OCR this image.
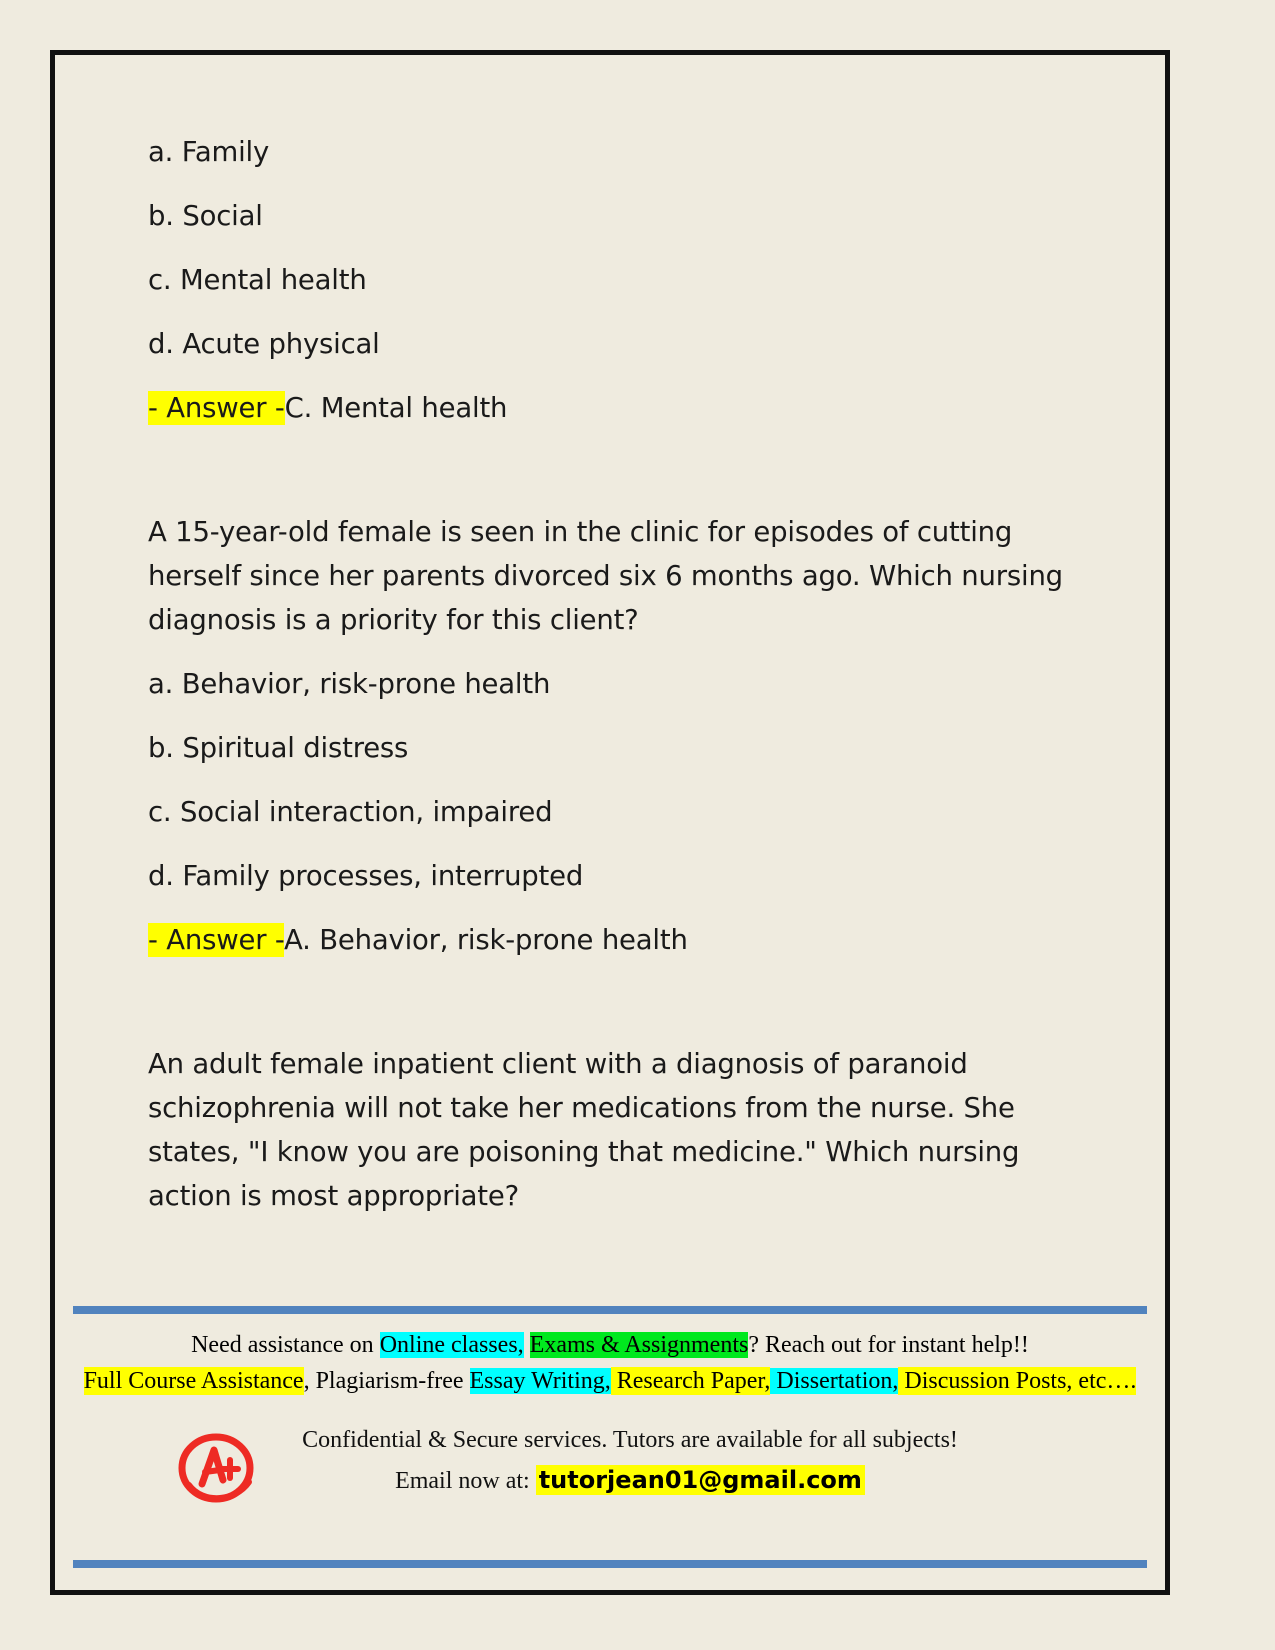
a. Family

b. Social

c. Mental health

d. Acute physical

- Answer -C. Mental health

A 15-year-old female is seen in the clinic for episodes of cutting herself since her parents divorced six 6 months ago. Which nursing diagnosis is a priority for this client?

a. Behavior, risk-prone health

b. Spiritual distress

c. Social interaction, impaired

d. Family processes, interrupted

- Answer -A. Behavior, risk-prone health

An adult female inpatient client with a diagnosis of paranoid schizophrenia will not take her medications from the nurse. She states, "I know you are poisoning that medicine." Which nursing action is most appropriate?

Need assistance on Online classes, Exams & Assignments? Reach out for instant help!!
Full Course Assistance, Plagiarism-free Essay Writing, Research Paper, Dissertation, Discussion Posts, etc….
Confidential & Secure services. Tutors are available for all subjects!
Email now at: tutorjean01@gmail.com
